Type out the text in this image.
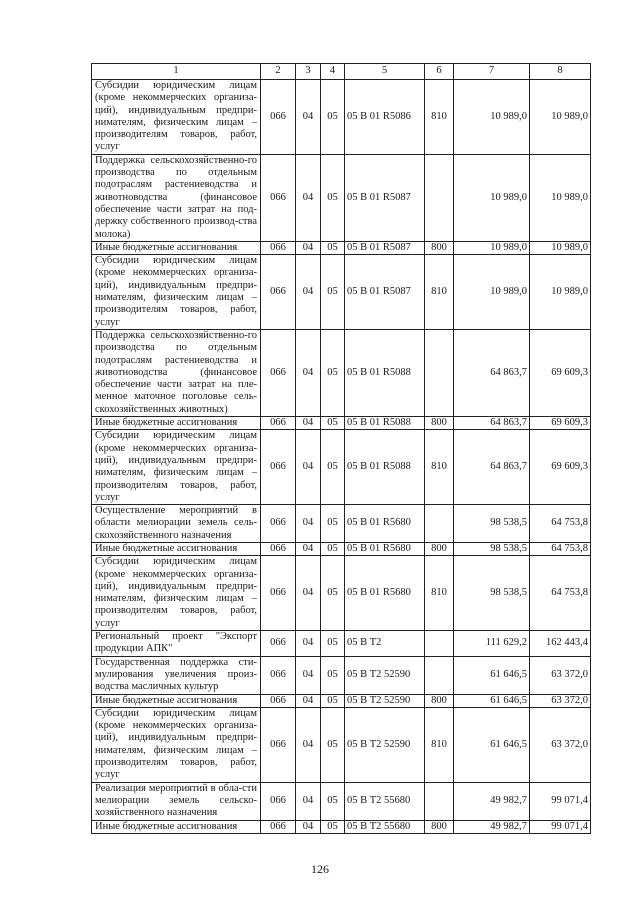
1	2	3	4	5	6	7	8
Субсидии юридическим лицам (кроме некоммерческих организа-ций), индивидуальным предпри-нимателям, физическим лицам – производителям товаров, работ, услуг	066	04	05	05 В 01 R5086	810	10 989,0	10 989,0
Поддержка сельскохозяйственно-го производства по отдельным подотраслям растениеводства и животноводства (финансовое обеспечение части затрат на под-держку собственного производ-ства молока)	066	04	05	05 В 01 R5087		10 989,0	10 989,0
Иные бюджетные ассигнования	066	04	05	05 В 01 R5087	800	10 989,0	10 989,0
Субсидии юридическим лицам (кроме некоммерческих организа-ций), индивидуальным предпри-нимателям, физическим лицам – производителям товаров, работ, услуг	066	04	05	05 В 01 R5087	810	10 989,0	10 989,0
Поддержка сельскохозяйственно-го производства по отдельным подотраслям растениеводства и животноводства (финансовое обеспечение части затрат на пле-менное маточное поголовье сель-скохозяйственных животных)	066	04	05	05 В 01 R5088		64 863,7	69 609,3
Иные бюджетные ассигнования	066	04	05	05 В 01 R5088	800	64 863,7	69 609,3
Субсидии юридическим лицам (кроме некоммерческих организа-ций), индивидуальным предпри-нимателям, физическим лицам – производителям товаров, работ, услуг	066	04	05	05 В 01 R5088	810	64 863,7	69 609,3
Осуществление мероприятий в области мелиорации земель сель-скохозяйственного назначения	066	04	05	05 В 01 R5680		98 538,5	64 753,8
Иные бюджетные ассигнования	066	04	05	05 В 01 R5680	800	98 538,5	64 753,8
Субсидии юридическим лицам (кроме некоммерческих организа-ций), индивидуальным предпри-нимателям, физическим лицам – производителям товаров, работ, услуг	066	04	05	05 В 01 R5680	810	98 538,5	64 753,8
Региональный проект "Экспорт продукции АПК"	066	04	05	05 В Т2		111 629,2	162 443,4
Государственная поддержка сти-мулирования увеличения произ-водства масличных культур	066	04	05	05 В Т2 52590		61 646,5	63 372,0
Иные бюджетные ассигнования	066	04	05	05 В Т2 52590	800	61 646,5	63 372,0
Субсидии юридическим лицам (кроме некоммерческих организа-ций), индивидуальным предпри-нимателям, физическим лицам – производителям товаров, работ, услуг	066	04	05	05 В Т2 52590	810	61 646,5	63 372,0
Реализация мероприятий в обла-сти мелиорации земель сельско-хозяйственного назначения	066	04	05	05 В Т2 55680		49 982,7	99 071,4
Иные бюджетные ассигнования	066	04	05	05 В Т2 55680	800	49 982,7	99 071,4
126
